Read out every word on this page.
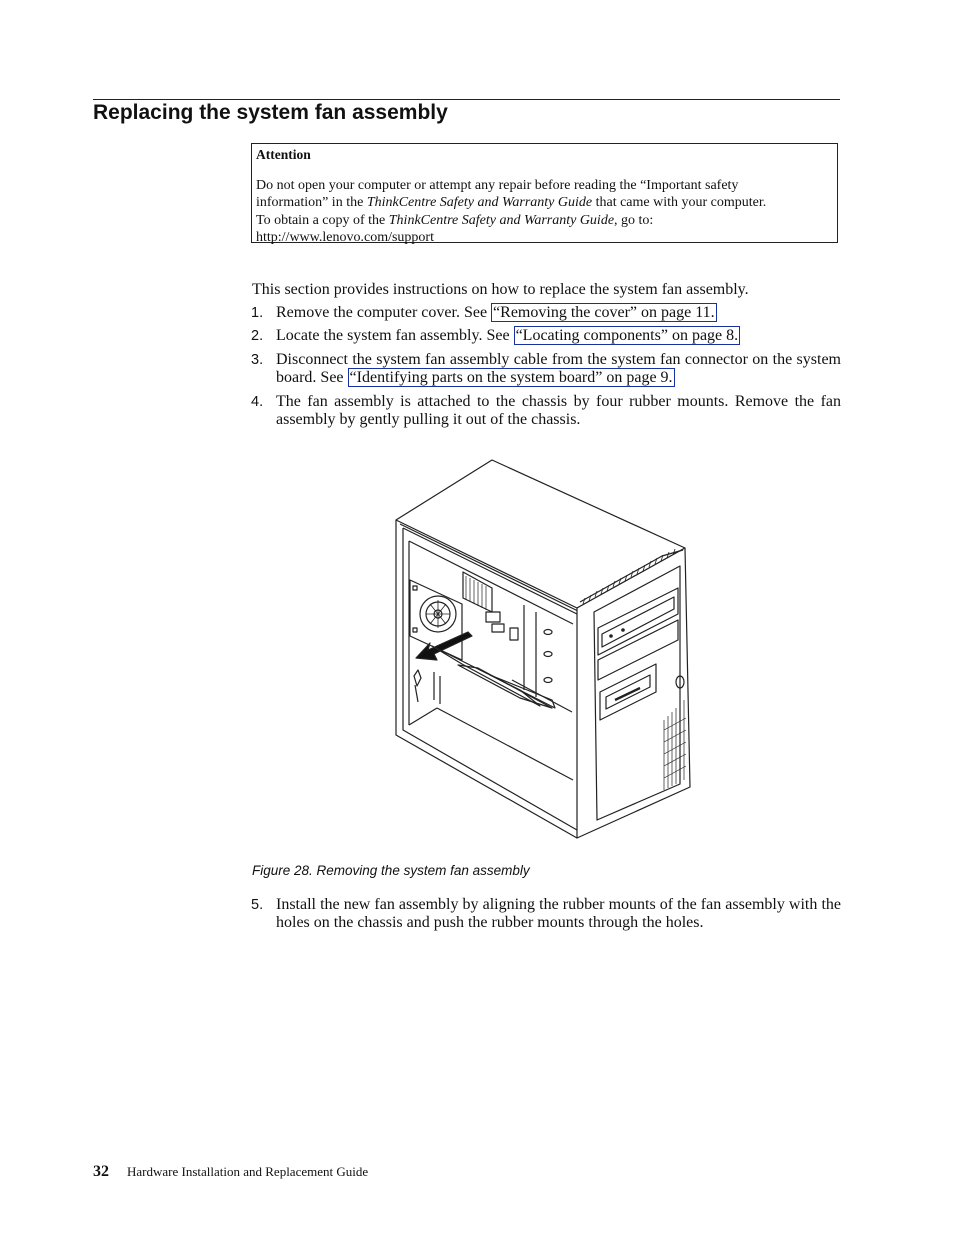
Replacing the system fan assembly
Attention
Do not open your computer or attempt any repair before reading the “Important safety
information” in the ThinkCentre Safety and Warranty Guide that came with your computer.
To obtain a copy of the ThinkCentre Safety and Warranty Guide, go to:
http://www.lenovo.com/support
This section provides instructions on how to replace the system fan assembly.
1. Remove the computer cover. See “Removing the cover” on page 11.
2. Locate the system fan assembly. See “Locating components” on page 8.
3. Disconnect the system fan assembly cable from the system fan connector on the system board. See “Identifying parts on the system board” on page 9.
4. The fan assembly is attached to the chassis by four rubber mounts. Remove the fan assembly by gently pulling it out of the chassis.
Figure 28. Removing the system fan assembly
5. Install the new fan assembly by aligning the rubber mounts of the fan assembly with the holes on the chassis and push the rubber mounts through the holes.
32 Hardware Installation and Replacement Guide
